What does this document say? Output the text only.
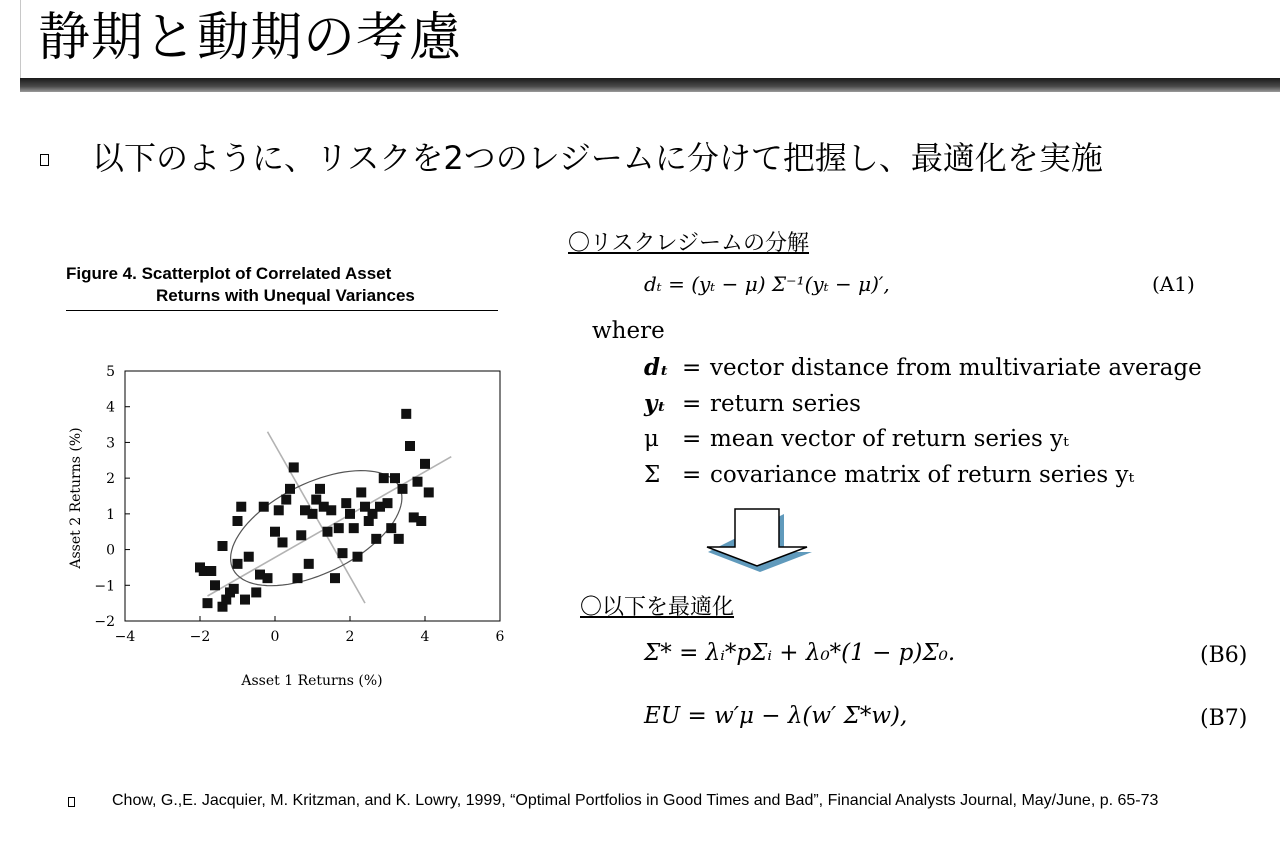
静期と動期の考慮
以下のように、リスクを2つのレジームに分けて把握し、最適化を実施
Figure 4. Scatterplot of Correlated Asset
Returns with Unequal Variances
−4	−2	0	2	4	6
−2
−1
0
1
2
3
4
5
Asset 1 Returns (%)
Asset 2 Returns (%)
〇リスクレジームの分解
dₜ = (yₜ − μ) Σ⁻¹(yₜ − μ)′,	(A1)
where
dₜ = vector distance from multivariate average
yₜ = return series
μ = mean vector of return series yₜ
Σ = covariance matrix of return series yₜ
〇以下を最適化
Σ* = λᵢ*pΣᵢ + λ₀*(1 − p)Σ₀.	(B6)
EU = w′μ − λ(w′ Σ*w),	(B7)
Chow, G.,E. Jacquier, M. Kritzman, and K. Lowry, 1999, “Optimal Portfolios in Good Times and Bad”, Financial Analysts Journal, May/June, p. 65-73
